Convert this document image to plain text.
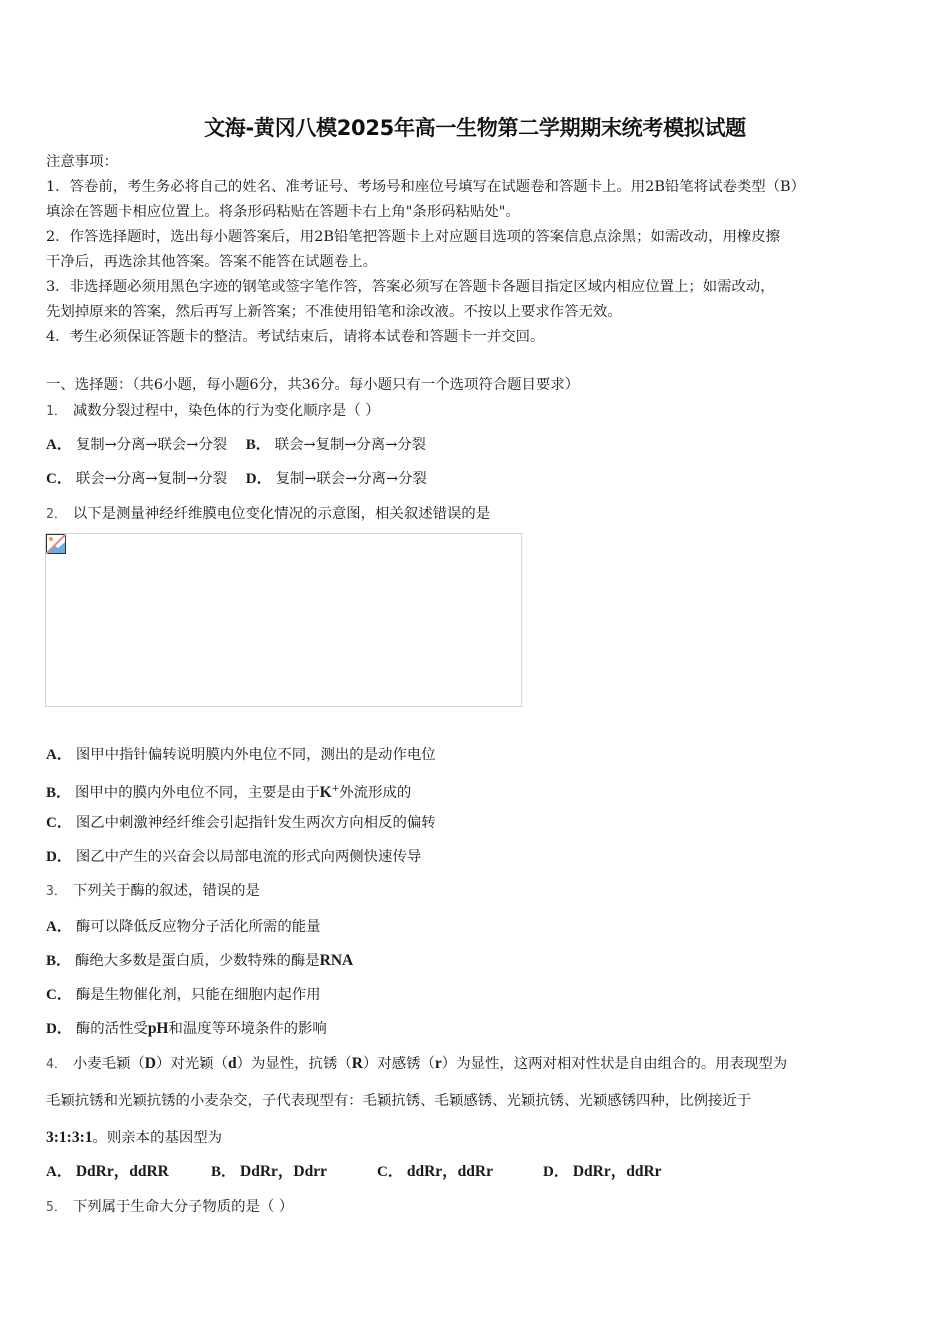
文海-黄冈八模2025年高一生物第二学期期末统考模拟试题

注意事项：

1．答卷前，考生务必将自己的姓名、准考证号、考场号和座位号填写在试题卷和答题卡上。用2B铅笔将试卷类型（B）

填涂在答题卡相应位置上。将条形码粘贴在答题卡右上角"条形码粘贴处"。

2．作答选择题时，选出每小题答案后，用2B铅笔把答题卡上对应题目选项的答案信息点涂黑；如需改动，用橡皮擦

干净后，再选涂其他答案。答案不能答在试题卷上。

3．非选择题必须用黑色字迹的钢笔或签字笔作答，答案必须写在答题卡各题目指定区域内相应位置上；如需改动，

先划掉原来的答案，然后再写上新答案；不准使用铅笔和涂改液。不按以上要求作答无效。

4．考生必须保证答题卡的整洁。考试结束后，请将本试卷和答题卡一并交回。

一、选择题：（共6小题，每小题6分，共36分。每小题只有一个选项符合题目要求）
1． 减数分裂过程中，染色体的行为变化顺序是（ ）
A． 复制→分离→联会→分裂 B． 联会→复制→分离→分裂
C． 联会→分离→复制→分裂 D． 复制→联会→分离→分裂
2． 以下是测量神经纤维膜电位变化情况的示意图，相关叙述错误的是
A． 图甲中指针偏转说明膜内外电位不同，测出的是动作电位
B． 图甲中的膜内外电位不同，主要是由于K+外流形成的
C． 图乙中刺激神经纤维会引起指针发生两次方向相反的偏转
D． 图乙中产生的兴奋会以局部电流的形式向两侧快速传导
3． 下列关于酶的叙述，错误的是
A． 酶可以降低反应物分子活化所需的能量
B． 酶绝大多数是蛋白质，少数特殊的酶是RNA
C． 酶是生物催化剂，只能在细胞内起作用
D． 酶的活性受pH和温度等环境条件的影响
4． 小麦毛颖（D）对光颖（d）为显性，抗锈（R）对感锈（r）为显性，这两对相对性状是自由组合的。用表现型为
毛颖抗锈和光颖抗锈的小麦杂交，子代表现型有：毛颖抗锈、毛颖感锈、光颖抗锈、光颖感锈四种，比例接近于
3:1:3:1。则亲本的基因型为
A． DdRr，ddRR	B． DdRr，Ddrr	C． ddRr，ddRr	D． DdRr，ddRr
5． 下列属于生命大分子物质的是（ ）
